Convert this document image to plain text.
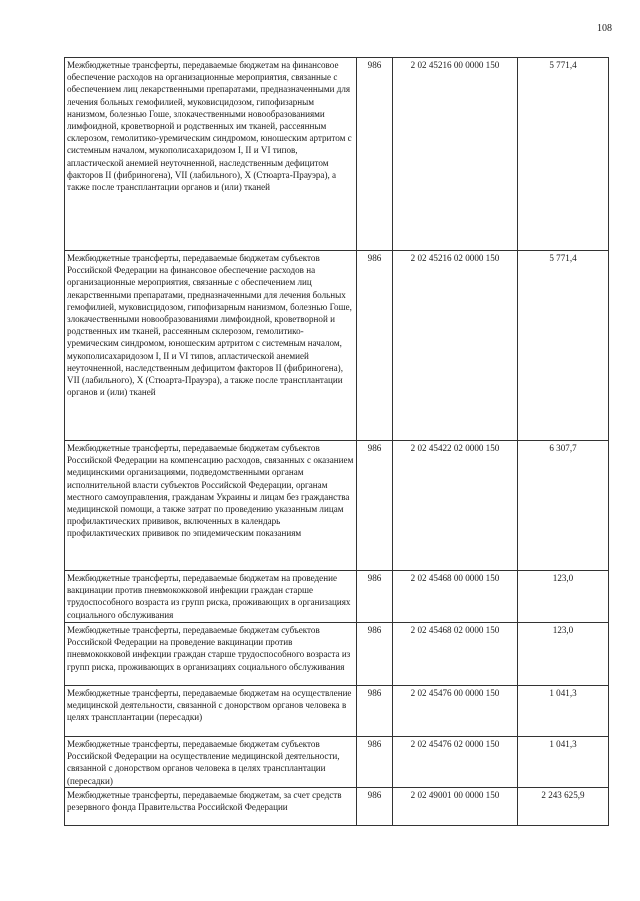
108
Межбюджетные трансферты, передаваемые бюджетам на финансовое обеспечение расходов на организационные мероприятия, связанные с обеспечением лиц лекарственными препаратами, предназначенными для лечения больных гемофилией, муковисцидозом, гипофизарным нанизмом, болезнью Гоше, злокачественными новообразованиями лимфоидной, кроветворной и родственных им тканей, рассеянным склерозом, гемолитико-уремическим синдромом, юношеским артритом с системным началом, мукополисахаридозом I, II и VI типов, апластической анемией неуточненной, наследственным дефицитом факторов II (фибриногена), VII (лабильного), X (Стюарта-Прауэра), а также после трансплантации органов и (или) тканей	986	2 02 45216 00 0000 150	5 771,4
Межбюджетные трансферты, передаваемые бюджетам субъектов Российской Федерации на финансовое обеспечение расходов на организационные мероприятия, связанные с обеспечением лиц лекарственными препаратами, предназначенными для лечения больных гемофилией, муковисцидозом, гипофизарным нанизмом, болезнью Гоше, злокачественными новообразованиями лимфоидной, кроветворной и родственных им тканей, рассеянным склерозом, гемолитико-уремическим синдромом, юношеским артритом с системным началом, мукополисахаридозом I, II и VI типов, апластической анемией неуточненной, наследственным дефицитом факторов II (фибриногена), VII (лабильного), X (Стюарта-Прауэра), а также после трансплантации органов и (или) тканей	986	2 02 45216 02 0000 150	5 771,4
Межбюджетные трансферты, передаваемые бюджетам субъектов Российской Федерации на компенсацию расходов, связанных с оказанием медицинскими организациями, подведомственными органам исполнительной власти субъектов Российской Федерации, органам местного самоуправления, гражданам Украины и лицам без гражданства медицинской помощи, а также затрат по проведению указанным лицам профилактических прививок, включенных в календарь профилактических прививок по эпидемическим показаниям	986	2 02 45422 02 0000 150	6 307,7
Межбюджетные трансферты, передаваемые бюджетам на проведение вакцинации против пневмококковой инфекции граждан старше трудоспособного возраста из групп риска, проживающих в организациях социального обслуживания	986	2 02 45468 00 0000 150	123,0
Межбюджетные трансферты, передаваемые бюджетам субъектов Российской Федерации на проведение вакцинации против пневмококковой инфекции граждан старше трудоспособного возраста из групп риска, проживающих в организациях социального обслуживания	986	2 02 45468 02 0000 150	123,0
Межбюджетные трансферты, передаваемые бюджетам на осуществление медицинской деятельности, связанной с донорством органов человека в целях трансплантации (пересадки)	986	2 02 45476 00 0000 150	1 041,3
Межбюджетные трансферты, передаваемые бюджетам субъектов Российской Федерации на осуществление медицинской деятельности, связанной с донорством органов человека в целях трансплантации (пересадки)	986	2 02 45476 02 0000 150	1 041,3
Межбюджетные трансферты, передаваемые бюджетам, за счет средств резервного фонда Правительства Российской Федерации	986	2 02 49001 00 0000 150	2 243 625,9
